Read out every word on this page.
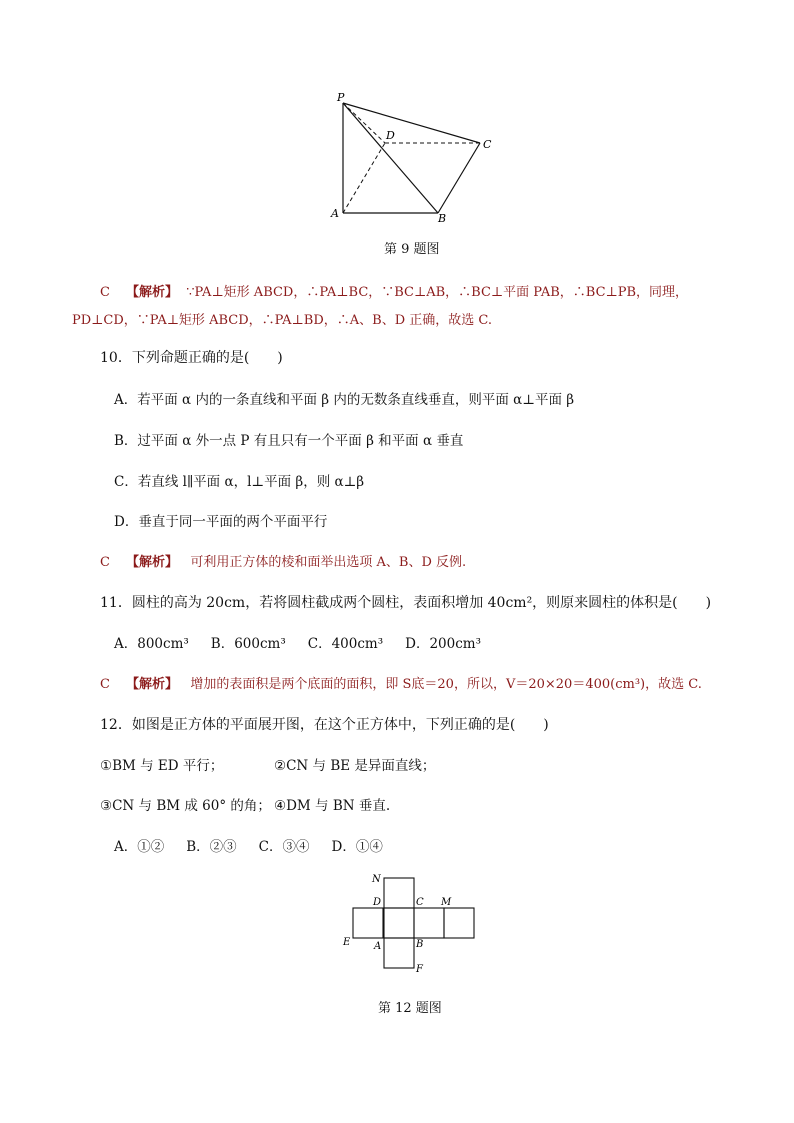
P
D
C
A	B
第 9 题图
C 【解析】 ∵PA⊥矩形 ABCD，∴PA⊥BC，∵BC⊥AB，∴BC⊥平面 PAB，∴BC⊥PB，同理，
PD⊥CD，∵PA⊥矩形 ABCD，∴PA⊥BD，∴A、B、D 正确，故选 C.
10．下列命题正确的是(　　)
A．若平面 α 内的一条直线和平面 β 内的无数条直线垂直，则平面 α⊥平面 β
B．过平面 α 外一点 P 有且只有一个平面 β 和平面 α 垂直
C．若直线 l∥平面 α，l⊥平面 β，则 α⊥β
D．垂直于同一平面的两个平面平行
C 【解析】 可利用正方体的棱和面举出选项 A、B、D 反例.
11．圆柱的高为 20cm，若将圆柱截成两个圆柱，表面积增加 40cm²，则原来圆柱的体积是(　　)
A．800cm³ B．600cm³ C．400cm³ D．200cm³
C 【解析】 增加的表面积是两个底面的面积，即 S底＝20，所以，V＝20×20＝400(cm³)，故选 C.
12．如图是正方体的平面展开图，在这个正方体中，下列正确的是(　　)
①BM 与 ED 平行；	②CN 与 BE 是异面直线；
③CN 与 BM 成 60° 的角； ④DM 与 BN 垂直.
A．①② B．②③ C．③④ D．①④
N
D	C M
E A	B
F
第 12 题图
